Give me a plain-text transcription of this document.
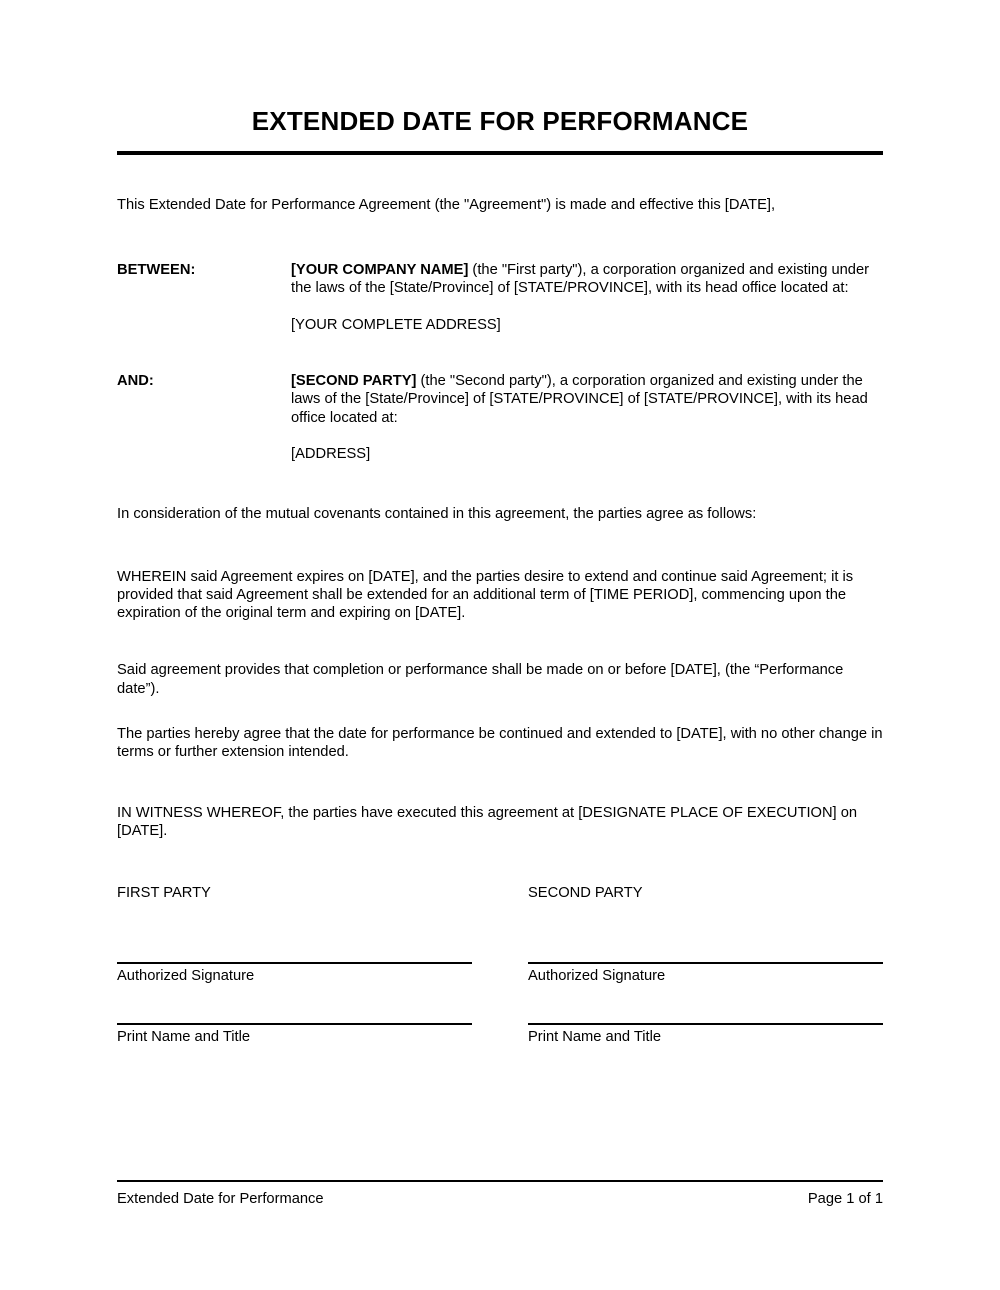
EXTENDED DATE FOR PERFORMANCE

This Extended Date for Performance Agreement (the "Agreement") is made and effective this [DATE],

BETWEEN:	[YOUR COMPANY NAME] (the "First party"), a corporation organized and existing under the laws of the [State/Province] of [STATE/PROVINCE], with its head office located at:
[YOUR COMPLETE ADDRESS]
AND:	[SECOND PARTY] (the "Second party"), a corporation organized and existing under the laws of the [State/Province] of [STATE/PROVINCE] of [STATE/PROVINCE], with its head office located at:
[ADDRESS]

In consideration of the mutual covenants contained in this agreement, the parties agree as follows:

WHEREIN said Agreement expires on [DATE], and the parties desire to extend and continue said Agreement; it is provided that said Agreement shall be extended for an additional term of [TIME PERIOD], commencing upon the expiration of the original term and expiring on [DATE].

Said agreement provides that completion or performance shall be made on or before [DATE], (the “Performance date”).

The parties hereby agree that the date for performance be continued and extended to [DATE], with no other change in terms or further extension intended.

IN WITNESS WHEREOF, the parties have executed this agreement at [DESIGNATE PLACE OF EXECUTION] on [DATE].

FIRST PARTY	SECOND PARTY
Authorized Signature	Authorized Signature
Print Name and Title	Print Name and Title
Extended Date for Performance	Page 1 of 1
